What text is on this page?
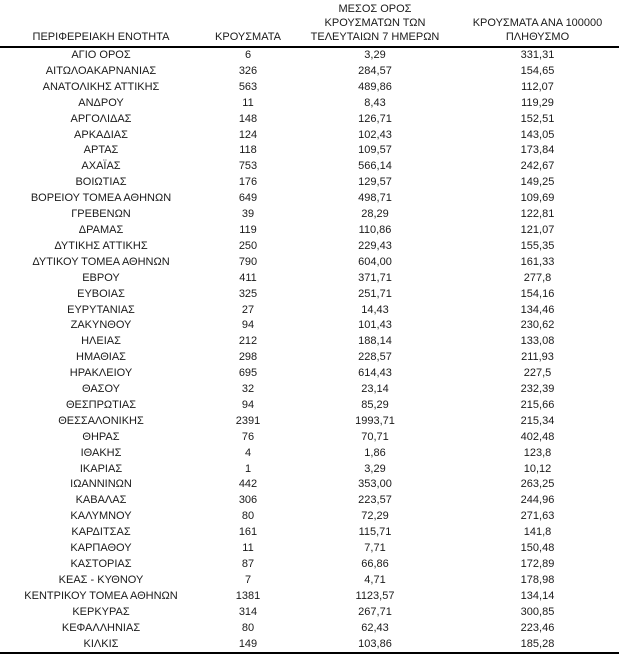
ΠΕΡΙΦΕΡΕΙΑΚΗ ΕΝΟΤΗΤΑ	ΚΡΟΥΣΜΑΤΑ	ΜΕΣΟΣ ΟΡΟΣ
ΚΡΟΥΣΜΑΤΩΝ ΤΩΝ
ΤΕΛΕΥΤΑΙΩΝ 7 ΗΜΕΡΩΝ	ΚΡΟΥΣΜΑΤΑ ΑΝΑ 100000
ΠΛΗΘΥΣΜΟ
ΑΓΙΟ ΟΡΟΣ	6	3,29	331,31
ΑΙΤΩΛΟΑΚΑΡΝΑΝΙΑΣ	326	284,57	154,65
ΑΝΑΤΟΛΙΚΗΣ ΑΤΤΙΚΗΣ	563	489,86	112,07
ΑΝΔΡΟΥ	11	8,43	119,29
ΑΡΓΟΛΙΔΑΣ	148	126,71	152,51
ΑΡΚΑΔΙΑΣ	124	102,43	143,05
ΑΡΤΑΣ	118	109,57	173,84
ΑΧΑΪΑΣ	753	566,14	242,67
ΒΟΙΩΤΙΑΣ	176	129,57	149,25
ΒΟΡΕΙΟΥ ΤΟΜΕΑ ΑΘΗΝΩΝ	649	498,71	109,69
ΓΡΕΒΕΝΩΝ	39	28,29	122,81
ΔΡΑΜΑΣ	119	110,86	121,07
ΔΥΤΙΚΗΣ ΑΤΤΙΚΗΣ	250	229,43	155,35
ΔΥΤΙΚΟΥ ΤΟΜΕΑ ΑΘΗΝΩΝ	790	604,00	161,33
ΕΒΡΟΥ	411	371,71	277,8
ΕΥΒΟΙΑΣ	325	251,71	154,16
ΕΥΡΥΤΑΝΙΑΣ	27	14,43	134,46
ΖΑΚΥΝΘΟΥ	94	101,43	230,62
ΗΛΕΙΑΣ	212	188,14	133,08
ΗΜΑΘΙΑΣ	298	228,57	211,93
ΗΡΑΚΛΕΙΟΥ	695	614,43	227,5
ΘΑΣΟΥ	32	23,14	232,39
ΘΕΣΠΡΩΤΙΑΣ	94	85,29	215,66
ΘΕΣΣΑΛΟΝΙΚΗΣ	2391	1993,71	215,34
ΘΗΡΑΣ	76	70,71	402,48
ΙΘΑΚΗΣ	4	1,86	123,8
ΙΚΑΡΙΑΣ	1	3,29	10,12
ΙΩΑΝΝΙΝΩΝ	442	353,00	263,25
ΚΑΒΑΛΑΣ	306	223,57	244,96
ΚΑΛΥΜΝΟΥ	80	72,29	271,63
ΚΑΡΔΙΤΣΑΣ	161	115,71	141,8
ΚΑΡΠΑΘΟΥ	11	7,71	150,48
ΚΑΣΤΟΡΙΑΣ	87	66,86	172,89
ΚΕΑΣ - ΚΥΘΝΟΥ	7	4,71	178,98
ΚΕΝΤΡΙΚΟΥ ΤΟΜΕΑ ΑΘΗΝΩΝ	1381	1123,57	134,14
ΚΕΡΚΥΡΑΣ	314	267,71	300,85
ΚΕΦΑΛΛΗΝΙΑΣ	80	62,43	223,46
ΚΙΛΚΙΣ	149	103,86	185,28
